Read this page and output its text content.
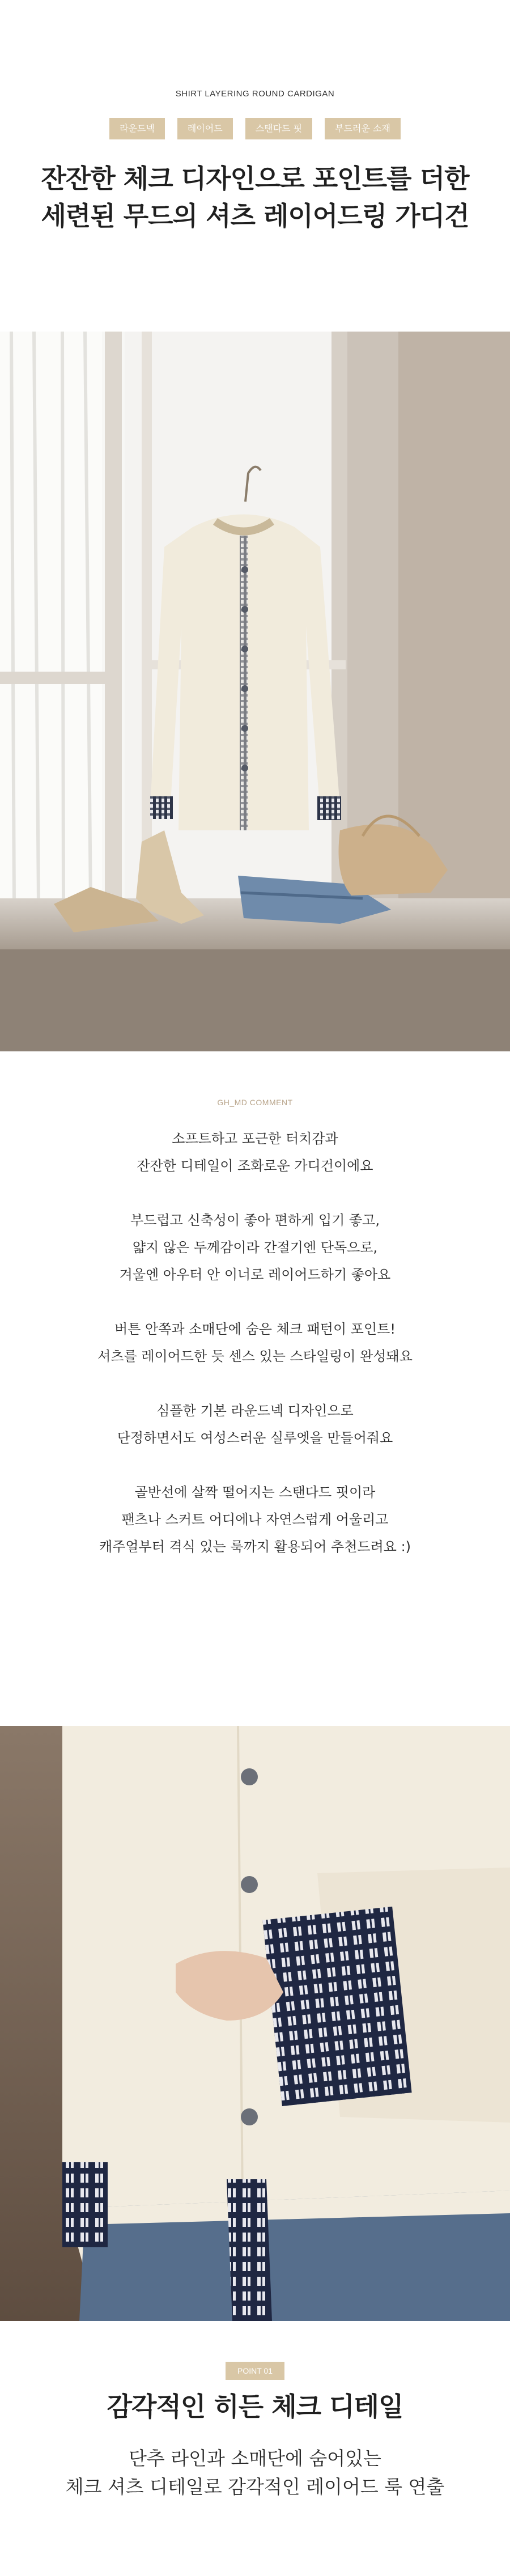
SHIRT LAYERING ROUND CARDIGAN
라운드넥	레이어드	스탠다드 핏	부드러운 소재
잔잔한 체크 디자인으로 포인트를 더한
세련된 무드의 셔츠 레이어드링 가디건
GH_MD COMMENT
소프트하고 포근한 터치감과
잔잔한 디테일이 조화로운 가디건이에요
부드럽고 신축성이 좋아 편하게 입기 좋고,
얇지 않은 두께감이라 간절기엔 단독으로,
겨울엔 아우터 안 이너로 레이어드하기 좋아요
버튼 안쪽과 소매단에 숨은 체크 패턴이 포인트!
셔츠를 레이어드한 듯 센스 있는 스타일링이 완성돼요
심플한 기본 라운드넥 디자인으로
단정하면서도 여성스러운 실루엣을 만들어줘요
골반선에 살짝 떨어지는 스탠다드 핏이라
팬츠나 스커트 어디에나 자연스럽게 어울리고
캐주얼부터 격식 있는 룩까지 활용되어 추천드려요 :)
POINT 01
감각적인 히든 체크 디테일
단추 라인과 소매단에 숨어있는
체크 셔츠 디테일로 감각적인 레이어드 룩 연출
